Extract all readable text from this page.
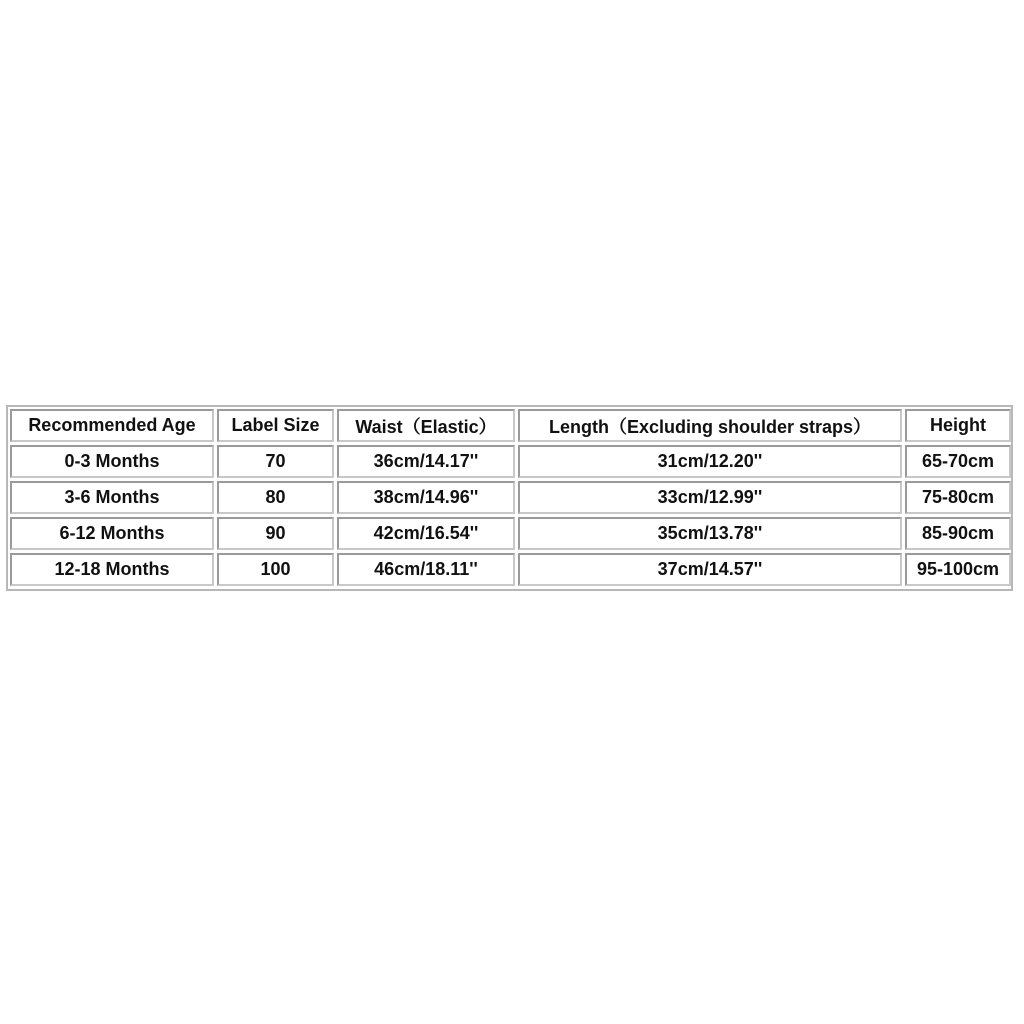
Recommended Age	Label Size	Waist（Elastic）	Length（Excluding shoulder straps）	Height
0-3 Months	70	36cm/14.17''	31cm/12.20''	65-70cm
3-6 Months	80	38cm/14.96''	33cm/12.99''	75-80cm
6-12 Months	90	42cm/16.54''	35cm/13.78''	85-90cm
12-18 Months	100	46cm/18.11''	37cm/14.57''	95-100cm
